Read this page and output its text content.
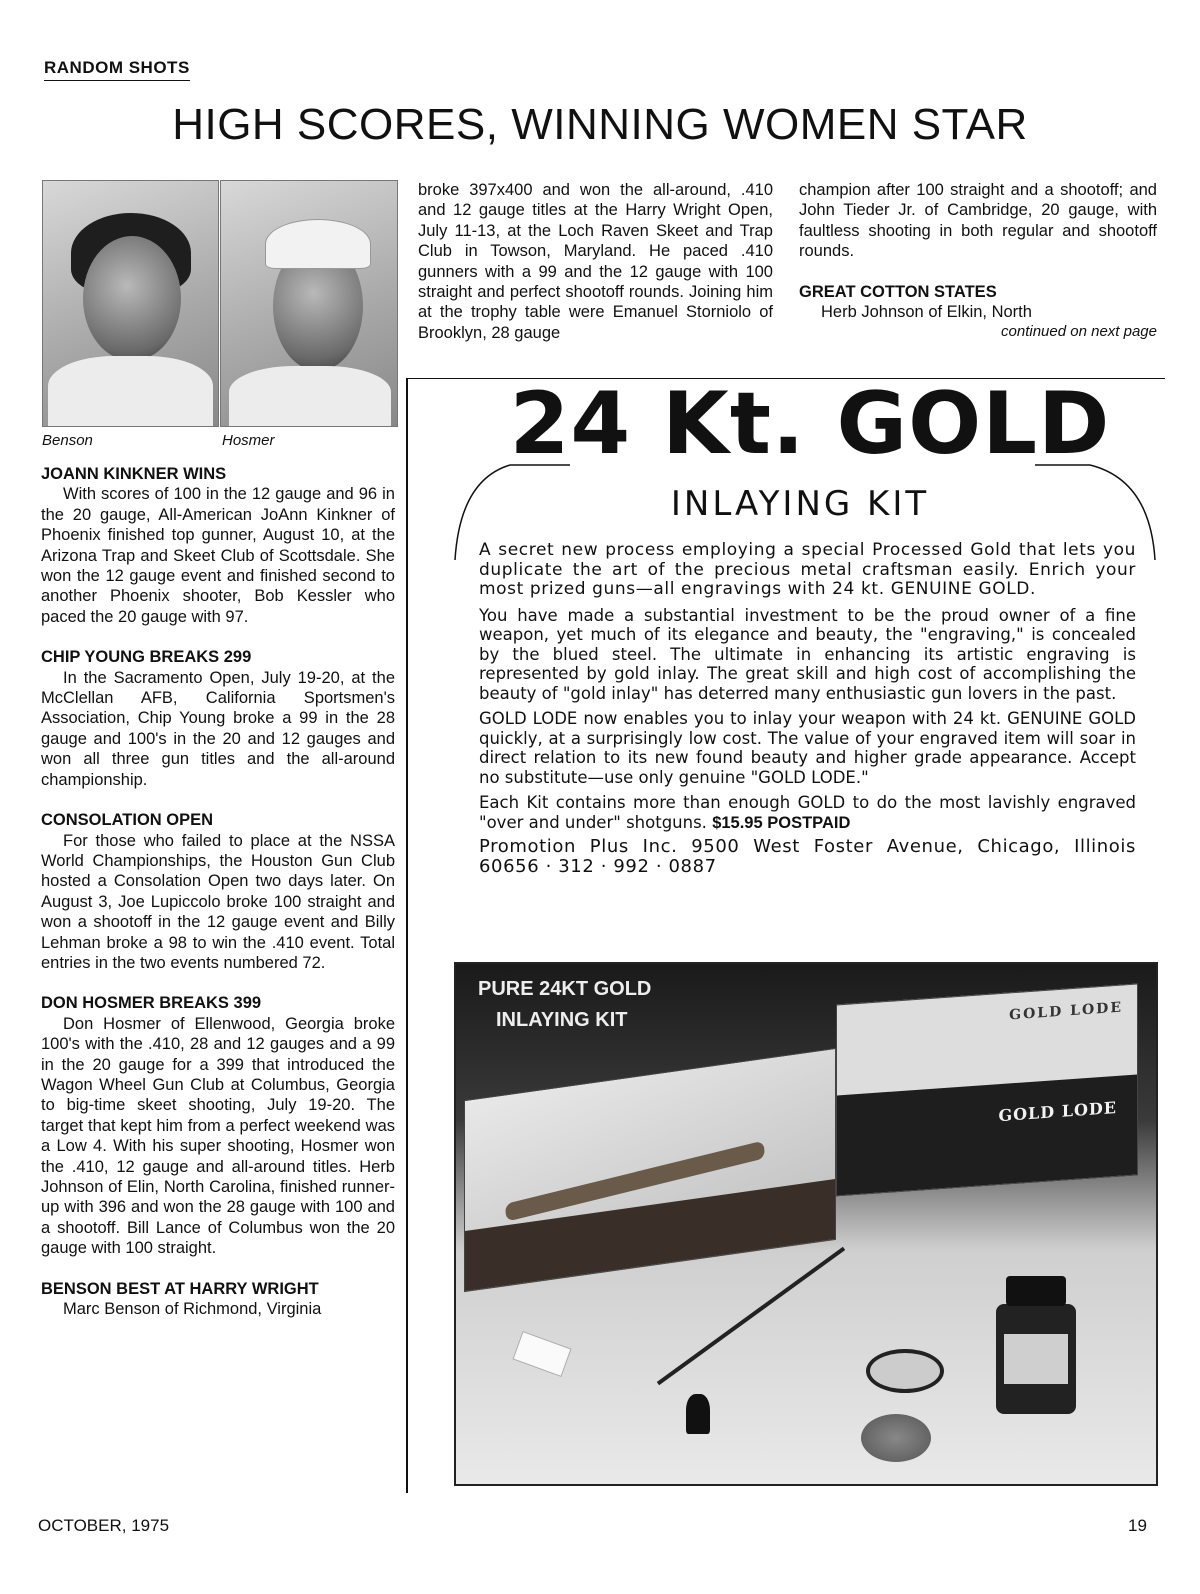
RANDOM SHOTS
HIGH SCORES, WINNING WOMEN STAR
Benson	Hosmer
JOANN KINKNER WINS

With scores of 100 in the 12 gauge and 96 in the 20 gauge, All-American JoAnn Kinkner of Phoenix finished top gunner, August 10, at the Arizona Trap and Skeet Club of Scottsdale. She won the 12 gauge event and finished second to another Phoenix shooter, Bob Kessler who paced the 20 gauge with 97.

CHIP YOUNG BREAKS 299

In the Sacramento Open, July 19-20, at the McClellan AFB, California Sportsmen's Association, Chip Young broke a 99 in the 28 gauge and 100's in the 20 and 12 gauges and won all three gun titles and the all-around championship.

CONSOLATION OPEN

For those who failed to place at the NSSA World Championships, the Houston Gun Club hosted a Consolation Open two days later. On August 3, Joe Lupiccolo broke 100 straight and won a shootoff in the 12 gauge event and Billy Lehman broke a 98 to win the .410 event. Total entries in the two events numbered 72.

DON HOSMER BREAKS 399

Don Hosmer of Ellenwood, Georgia broke 100's with the .410, 28 and 12 gauges and a 99 in the 20 gauge for a 399 that introduced the Wagon Wheel Gun Club at Columbus, Georgia to big-time skeet shooting, July 19-20. The target that kept him from a perfect weekend was a Low 4. With his super shooting, Hosmer won the .410, 12 gauge and all-around titles. Herb Johnson of Elin, North Carolina, finished runner-up with 396 and won the 28 gauge with 100 and a shootoff. Bill Lance of Columbus won the 20 gauge with 100 straight.

BENSON BEST AT HARRY WRIGHT

Marc Benson of Richmond, Virginia

broke 397x400 and won the all-around, .410 and 12 gauge titles at the Harry Wright Open, July 11-13, at the Loch Raven Skeet and Trap Club in Towson, Maryland. He paced .410 gunners with a 99 and the 12 gauge with 100 straight and perfect shootoff rounds. Joining him at the trophy table were Emanuel Storniolo of Brooklyn, 28 gauge
champion after 100 straight and a shootoff; and John Tieder Jr. of Cambridge, 20 gauge, with faultless shooting in both regular and shootoff rounds.
GREAT COTTON STATES

Herb Johnson of Elkin, North

continued on next page
24 Kt. GOLD
INLAYING KIT

A secret new process employing a special Processed Gold that lets you duplicate the art of the precious metal craftsman easily. Enrich your most prized guns—all engravings with 24 kt. GENUINE GOLD.

You have made a substantial investment to be the proud owner of a fine weapon, yet much of its elegance and beauty, the "engraving," is concealed by the blued steel. The ultimate in enhancing its artistic engraving is represented by gold inlay. The great skill and high cost of accomplishing the beauty of "gold inlay" has deterred many enthusiastic gun lovers in the past.

GOLD LODE now enables you to inlay your weapon with 24 kt. GENUINE GOLD quickly, at a surprisingly low cost. The value of your engraved item will soar in direct relation to its new found beauty and higher grade appearance. Accept no substitute—use only genuine "GOLD LODE."

Each Kit contains more than enough GOLD to do the most lavishly engraved "over and under" shotguns. $15.95 POSTPAID

Promotion Plus Inc. 9500 West Foster Avenue, Chicago, Illinois 60656 · 312 · 992 · 0887

PURE 24KT GOLD
INLAYING KIT	GOLD LODE
GOLD LODE
OCTOBER, 1975	19
